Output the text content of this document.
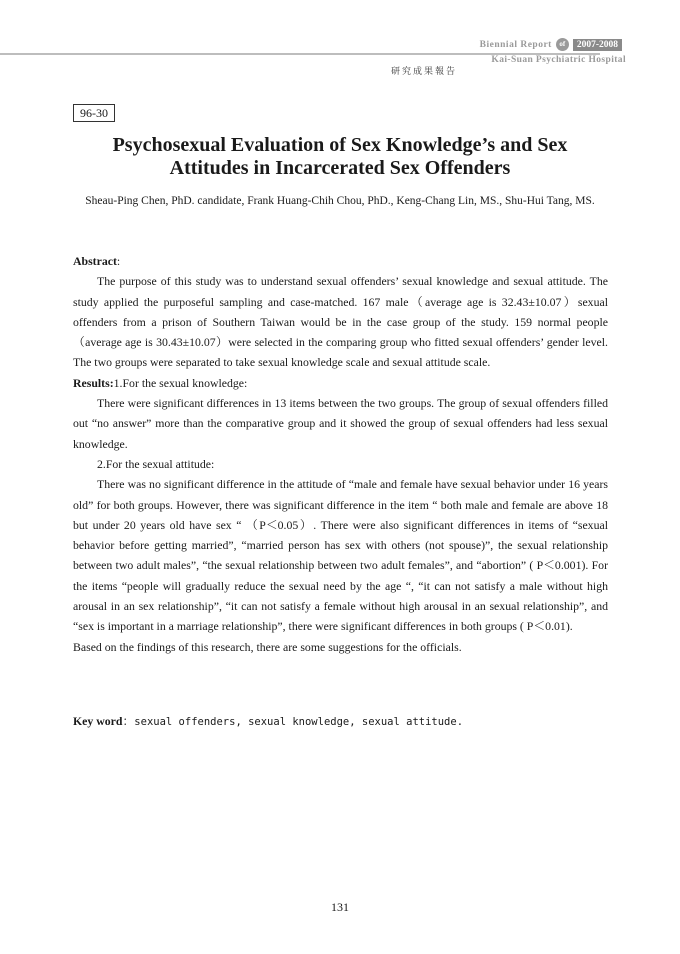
Biennial Report	of	2007-2008
Kai-Suan Psychiatric Hospital
研究成果報告
96-30
Psychosexual Evaluation of Sex Knowledge’s and Sex
Attitudes in Incarcerated Sex Offenders
Sheau-Ping Chen, PhD. candidate, Frank Huang-Chih Chou, PhD., Keng-Chang Lin, MS., Shu-Hui Tang, MS.

Abstract:

The purpose of this study was to understand sexual offenders’ sexual knowledge and sexual attitude. The study applied the purposeful sampling and case-matched. 167 male（average age is 32.43±10.07）sexual offenders from a prison of Southern Taiwan would be in the case group of the study. 159 normal people（average age is 30.43±10.07）were selected in the comparing group who fitted sexual offenders’ gender level. The two groups were separated to take sexual knowledge scale and sexual attitude scale.

Results:1.For the sexual knowledge:

There were significant differences in 13 items between the two groups. The group of sexual offenders filled out “no answer” more than the comparative group and it showed the group of sexual offenders had less sexual knowledge.

2.For the sexual attitude:

There was no significant difference in the attitude of “male and female have sexual behavior under 16 years old” for both groups. However, there was significant difference in the item “ both male and female are above 18 but under 20 years old have sex “ （P＜0.05）. There were also significant differences in items of “sexual behavior before getting married”, “married person has sex with others (not spouse)”, the sexual relationship between two adult males”, “the sexual relationship between two adult females”, and “abortion” ( P＜0.001). For the items “people will gradually reduce the sexual need by the age “, “it can not satisfy a male without high arousal in an sex relationship”, “it can not satisfy a female without high arousal in an sexual relationship”, and “sex is important in a marriage relationship”, there were significant differences in both groups ( P＜0.01).

Based on the findings of this research, there are some suggestions for the officials.

Key word：sexual offenders, sexual knowledge, sexual attitude.
131
